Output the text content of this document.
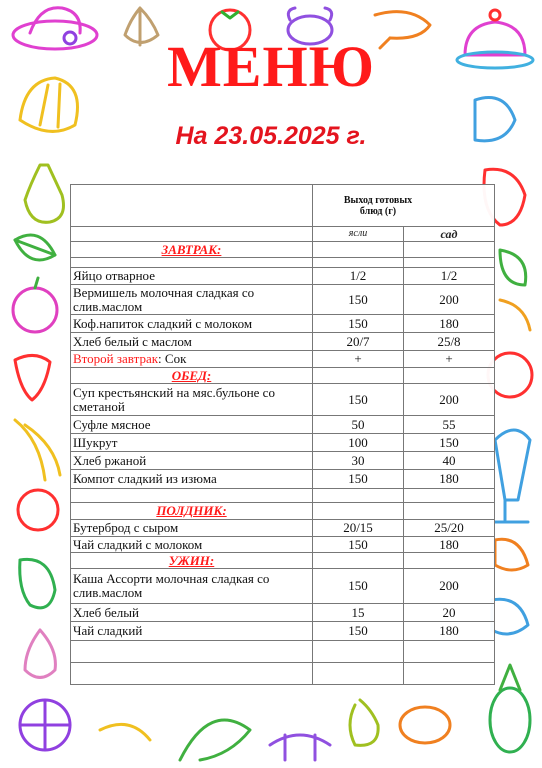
МЕНЮ
На 23.05.2025 г.

	Выход готовых блюд (г)	

	ясли	сад
ЗАВТРАК:		

Яйцо отварное	1/2	1/2
Вермишель молочная сладкая со слив.маслом	150	200
Коф.напиток сладкий с молоком	150	180
Хлеб белый с маслом	20/7	25/8
Второй завтрак: Сок	+	+
ОБЕД:		
Суп крестьянский на мяс.бульоне со сметаной	150	200
Суфле мясное	50	55
Шукрут	100	150
Хлеб ржаной	30	40
Компот сладкий из изюма	150	180

ПОЛДНИК:		
Бутерброд с сыром	20/15	25/20
Чай сладкий с молоком	150	180
УЖИН:		
Каша Ассорти молочная сладкая со слив.маслом	150	200
Хлеб белый	15	20
Чай сладкий	150	180
